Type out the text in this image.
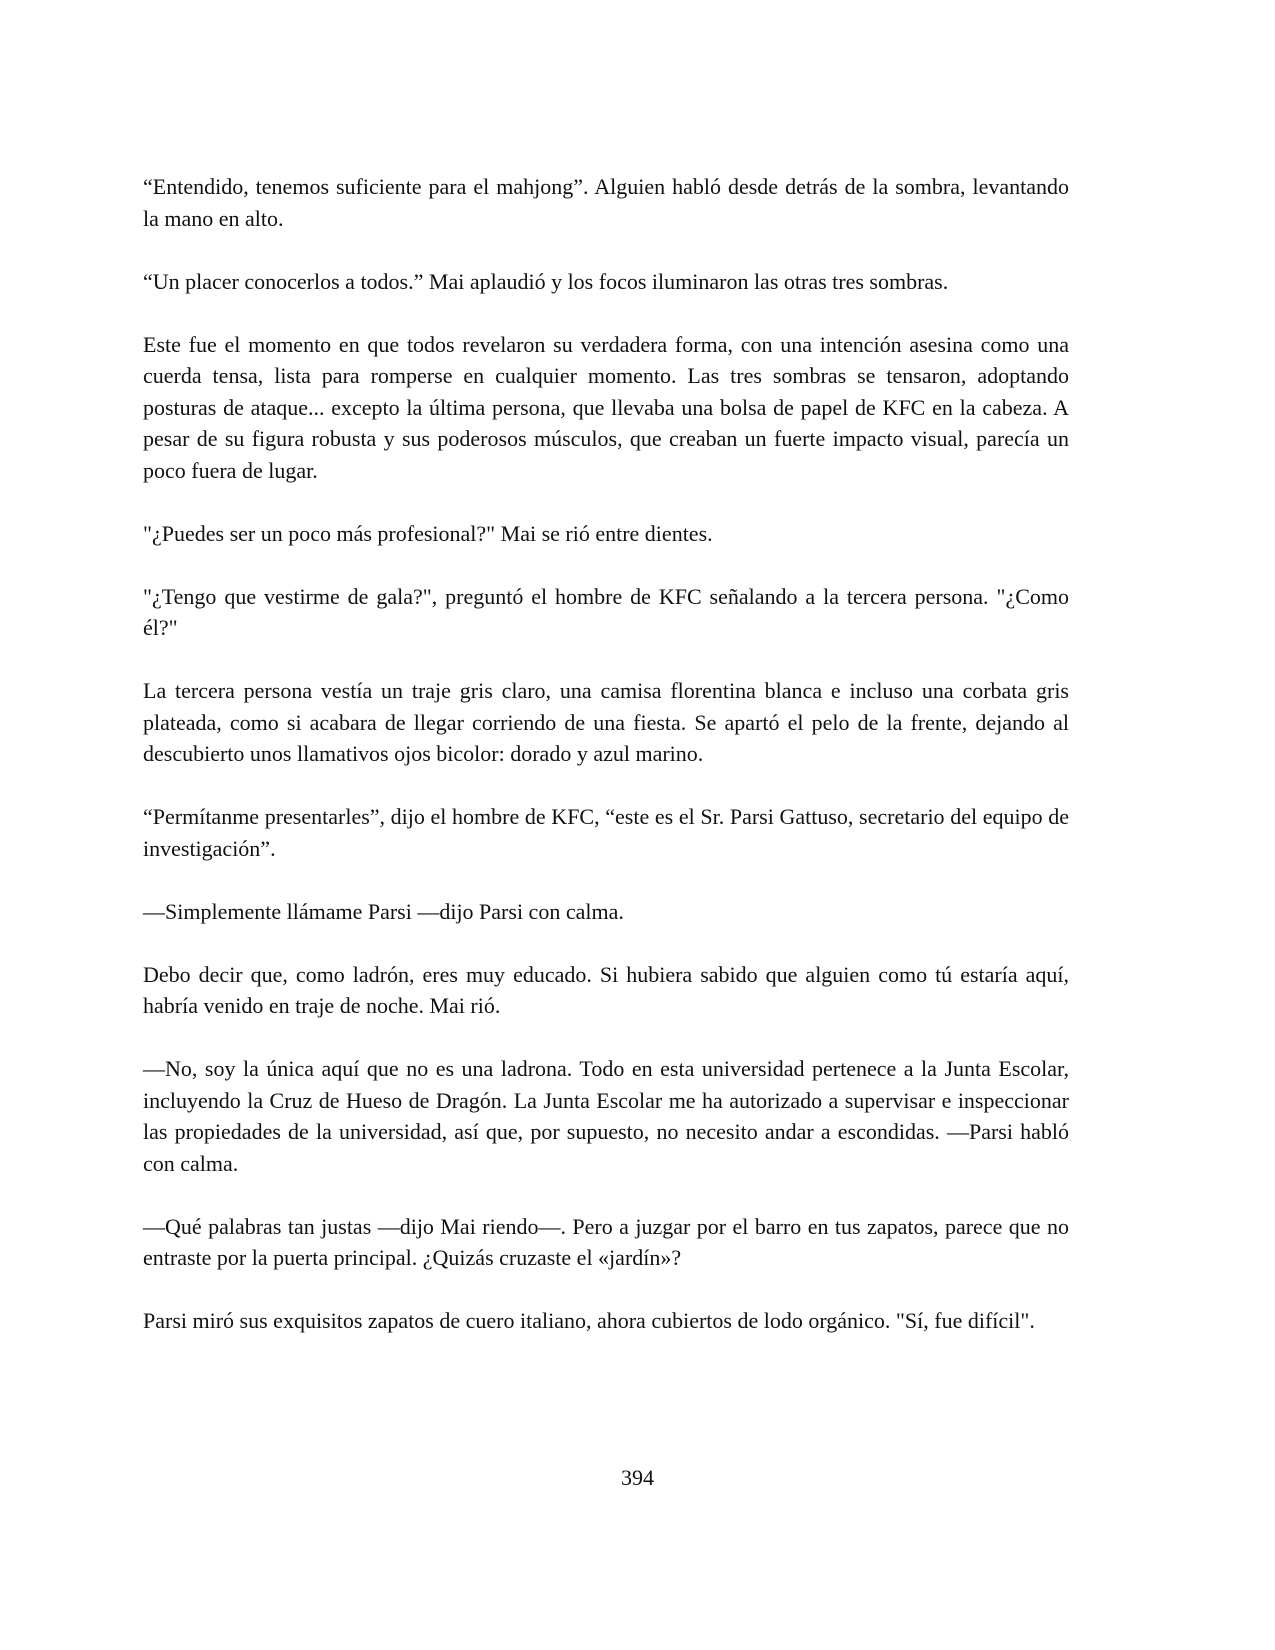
“Entendido, tenemos suficiente para el mahjong”. Alguien habló desde detrás de la sombra, levantando la mano en alto.

“Un placer conocerlos a todos.” Mai aplaudió y los focos iluminaron las otras tres sombras.

Este fue el momento en que todos revelaron su verdadera forma, con una intención asesina como una cuerda tensa, lista para romperse en cualquier momento. Las tres sombras se tensaron, adoptando posturas de ataque... excepto la última persona, que llevaba una bolsa de papel de KFC en la cabeza. A pesar de su figura robusta y sus poderosos músculos, que creaban un fuerte impacto visual, parecía un poco fuera de lugar.

"¿Puedes ser un poco más profesional?" Mai se rió entre dientes.

"¿Tengo que vestirme de gala?", preguntó el hombre de KFC señalando a la tercera persona. "¿Como él?"

La tercera persona vestía un traje gris claro, una camisa florentina blanca e incluso una corbata gris plateada, como si acabara de llegar corriendo de una fiesta. Se apartó el pelo de la frente, dejando al descubierto unos llamativos ojos bicolor: dorado y azul marino.

“Permítanme presentarles”, dijo el hombre de KFC, “este es el Sr. Parsi Gattuso, secretario del equipo de investigación”.

—Simplemente llámame Parsi —dijo Parsi con calma.

Debo decir que, como ladrón, eres muy educado. Si hubiera sabido que alguien como tú estaría aquí, habría venido en traje de noche. Mai rió.

—No, soy la única aquí que no es una ladrona. Todo en esta universidad pertenece a la Junta Escolar, incluyendo la Cruz de Hueso de Dragón. La Junta Escolar me ha autorizado a supervisar e inspeccionar las propiedades de la universidad, así que, por supuesto, no necesito andar a escondidas. —Parsi habló con calma.

—Qué palabras tan justas —dijo Mai riendo—. Pero a juzgar por el barro en tus zapatos, parece que no entraste por la puerta principal. ¿Quizás cruzaste el «jardín»?

Parsi miró sus exquisitos zapatos de cuero italiano, ahora cubiertos de lodo orgánico. "Sí, fue difícil".

394
